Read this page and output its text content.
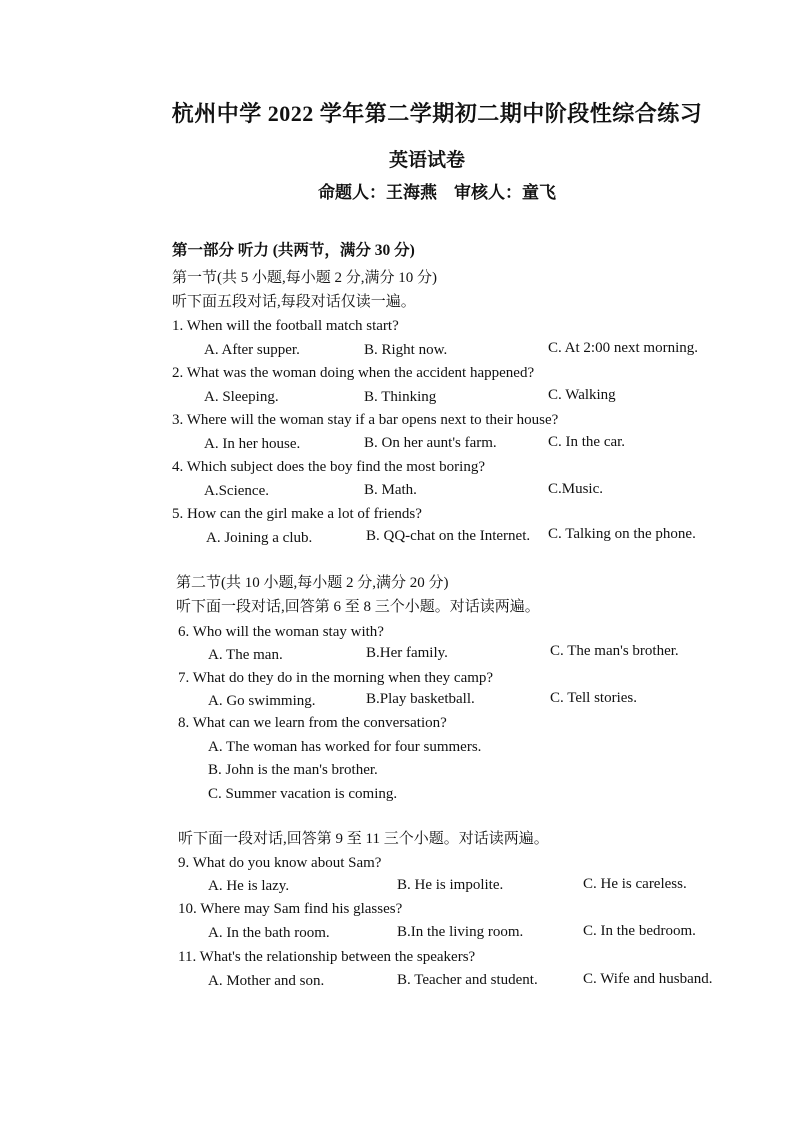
杭州中学 2022 学年第二学期初二期中阶段性综合练习
英语试卷
命题人：王海燕　审核人：童飞
第一部分 听力 (共两节，满分 30 分)
第一节(共 5 小题,每小题 2 分,满分 10 分)
听下面五段对话,每段对话仅读一遍。
1. When will the football match start?
A. After supper.	B. Right now.	C. At 2:00 next morning.
2. What was the woman doing when the accident happened?
A. Sleeping.	B. Thinking	C. Walking
3. Where will the woman stay if a bar opens next to their house?
A. In her house.	B. On her aunt's farm.	C. In the car.
4. Which subject does the boy find the most boring?
A.Science.	B. Math.	C.Music.
5. How can the girl make a lot of friends?
A. Joining a club.	B. QQ-chat on the Internet. C. Talking on the phone.
第二节(共 10 小题,每小题 2 分,满分 20 分)
听下面一段对话,回答第 6 至 8 三个小题。对话读两遍。
6. Who will the woman stay with?
A. The man.	B.Her family.	C. The man's brother.
7. What do they do in the morning when they camp?
A. Go swimming.	B.Play basketball.	C. Tell stories.
8. What can we learn from the conversation?
A. The woman has worked for four summers.
B. John is the man's brother.
C. Summer vacation is coming.
听下面一段对话,回答第 9 至 11 三个小题。对话读两遍。
9. What do you know about Sam?
A. He is lazy.	B. He is impolite.	C. He is careless.
10. Where may Sam find his glasses?
A. In the bath room.	B.In the living room.	C. In the bedroom.
11. What's the relationship between the speakers?
A. Mother and son.	B. Teacher and student.	C. Wife and husband.
